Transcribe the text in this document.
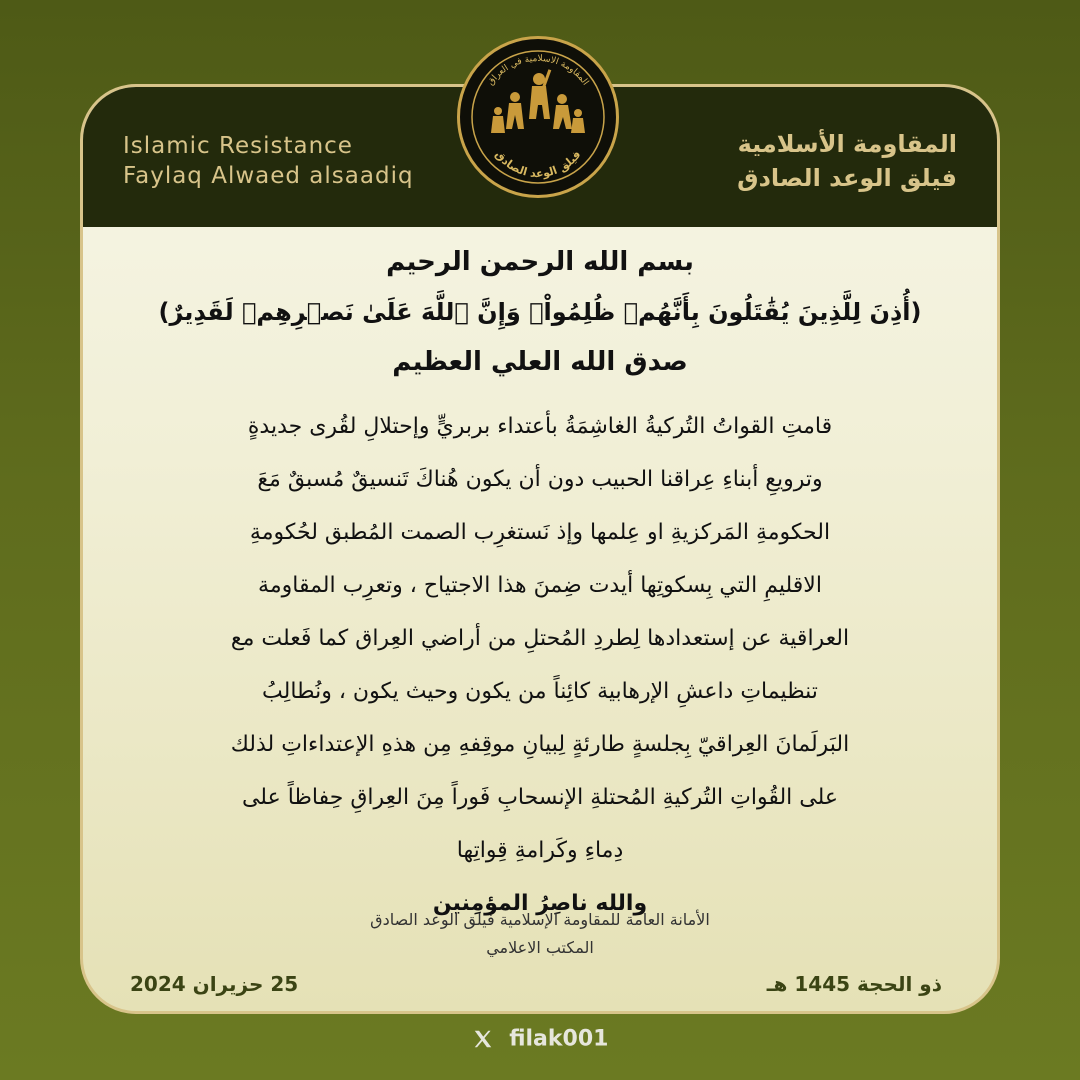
Islamic Resistance
Faylaq Alwaed alsaadiq
المقاومة الأسلامية
فيلق الوعد الصادق
المقاومة الاسلامية في العراق
فيلق الوعد الصادق
بسم الله الرحمن الرحيم
(أُذِنَ لِلَّذِينَ يُقَٰتَلُونَ بِأَنَّهُمۡ ظُلِمُواْۚ وَإِنَّ ٱللَّهَ عَلَىٰ نَصۡرِهِمۡ لَقَدِيرٌ)
صدق الله العلي العظيم
قامتِ القواتُ التُركيةُ الغاشِمَةُ بأعتداء بربريٍّ وإحتلالِ لقُرى جديدةٍ
وترويعِ أبناءِ عِراقنا الحبيب دون أن يكون هُناكَ تَنسيقٌ مُسبقٌ مَعَ
الحكومةِ المَركزيةِ او عِلمها وإذ نَستغرِب الصمت المُطبق لحُكومةِ
الاقليمِ التي بِسكوتِها أيدت ضِمنَ هذا الاجتياح ، وتعرِب المقاومة
العراقية عن إستعدادها لِطردِ المُحتلِ من أراضي العِراق كما فَعلت مع
تنظيماتِ داعشِ الإرهابية كائِناً من يكون وحيث يكون ، ونُطالِبُ
البَرلَمانَ العِراقيّ بِجلسةٍ طارئةٍ لِبيانِ موقِفهِ مِن هذهِ الإعتداءاتِ لذلك
على القُواتِ التُركيةِ المُحتلةِ الإنسحابِ فَوراً مِنَ العِراقِ حِفاظاً على
دِماءِ وكَرامةِ قِواتِها
والله ناصِرُ المؤمِنين
الأمانة العامة للمقاومة الإسلامية فيلق الوعد الصادق
المكتب الاعلامي
25 حزيران 2024	ذو الحجة 1445 هـ
filak001
